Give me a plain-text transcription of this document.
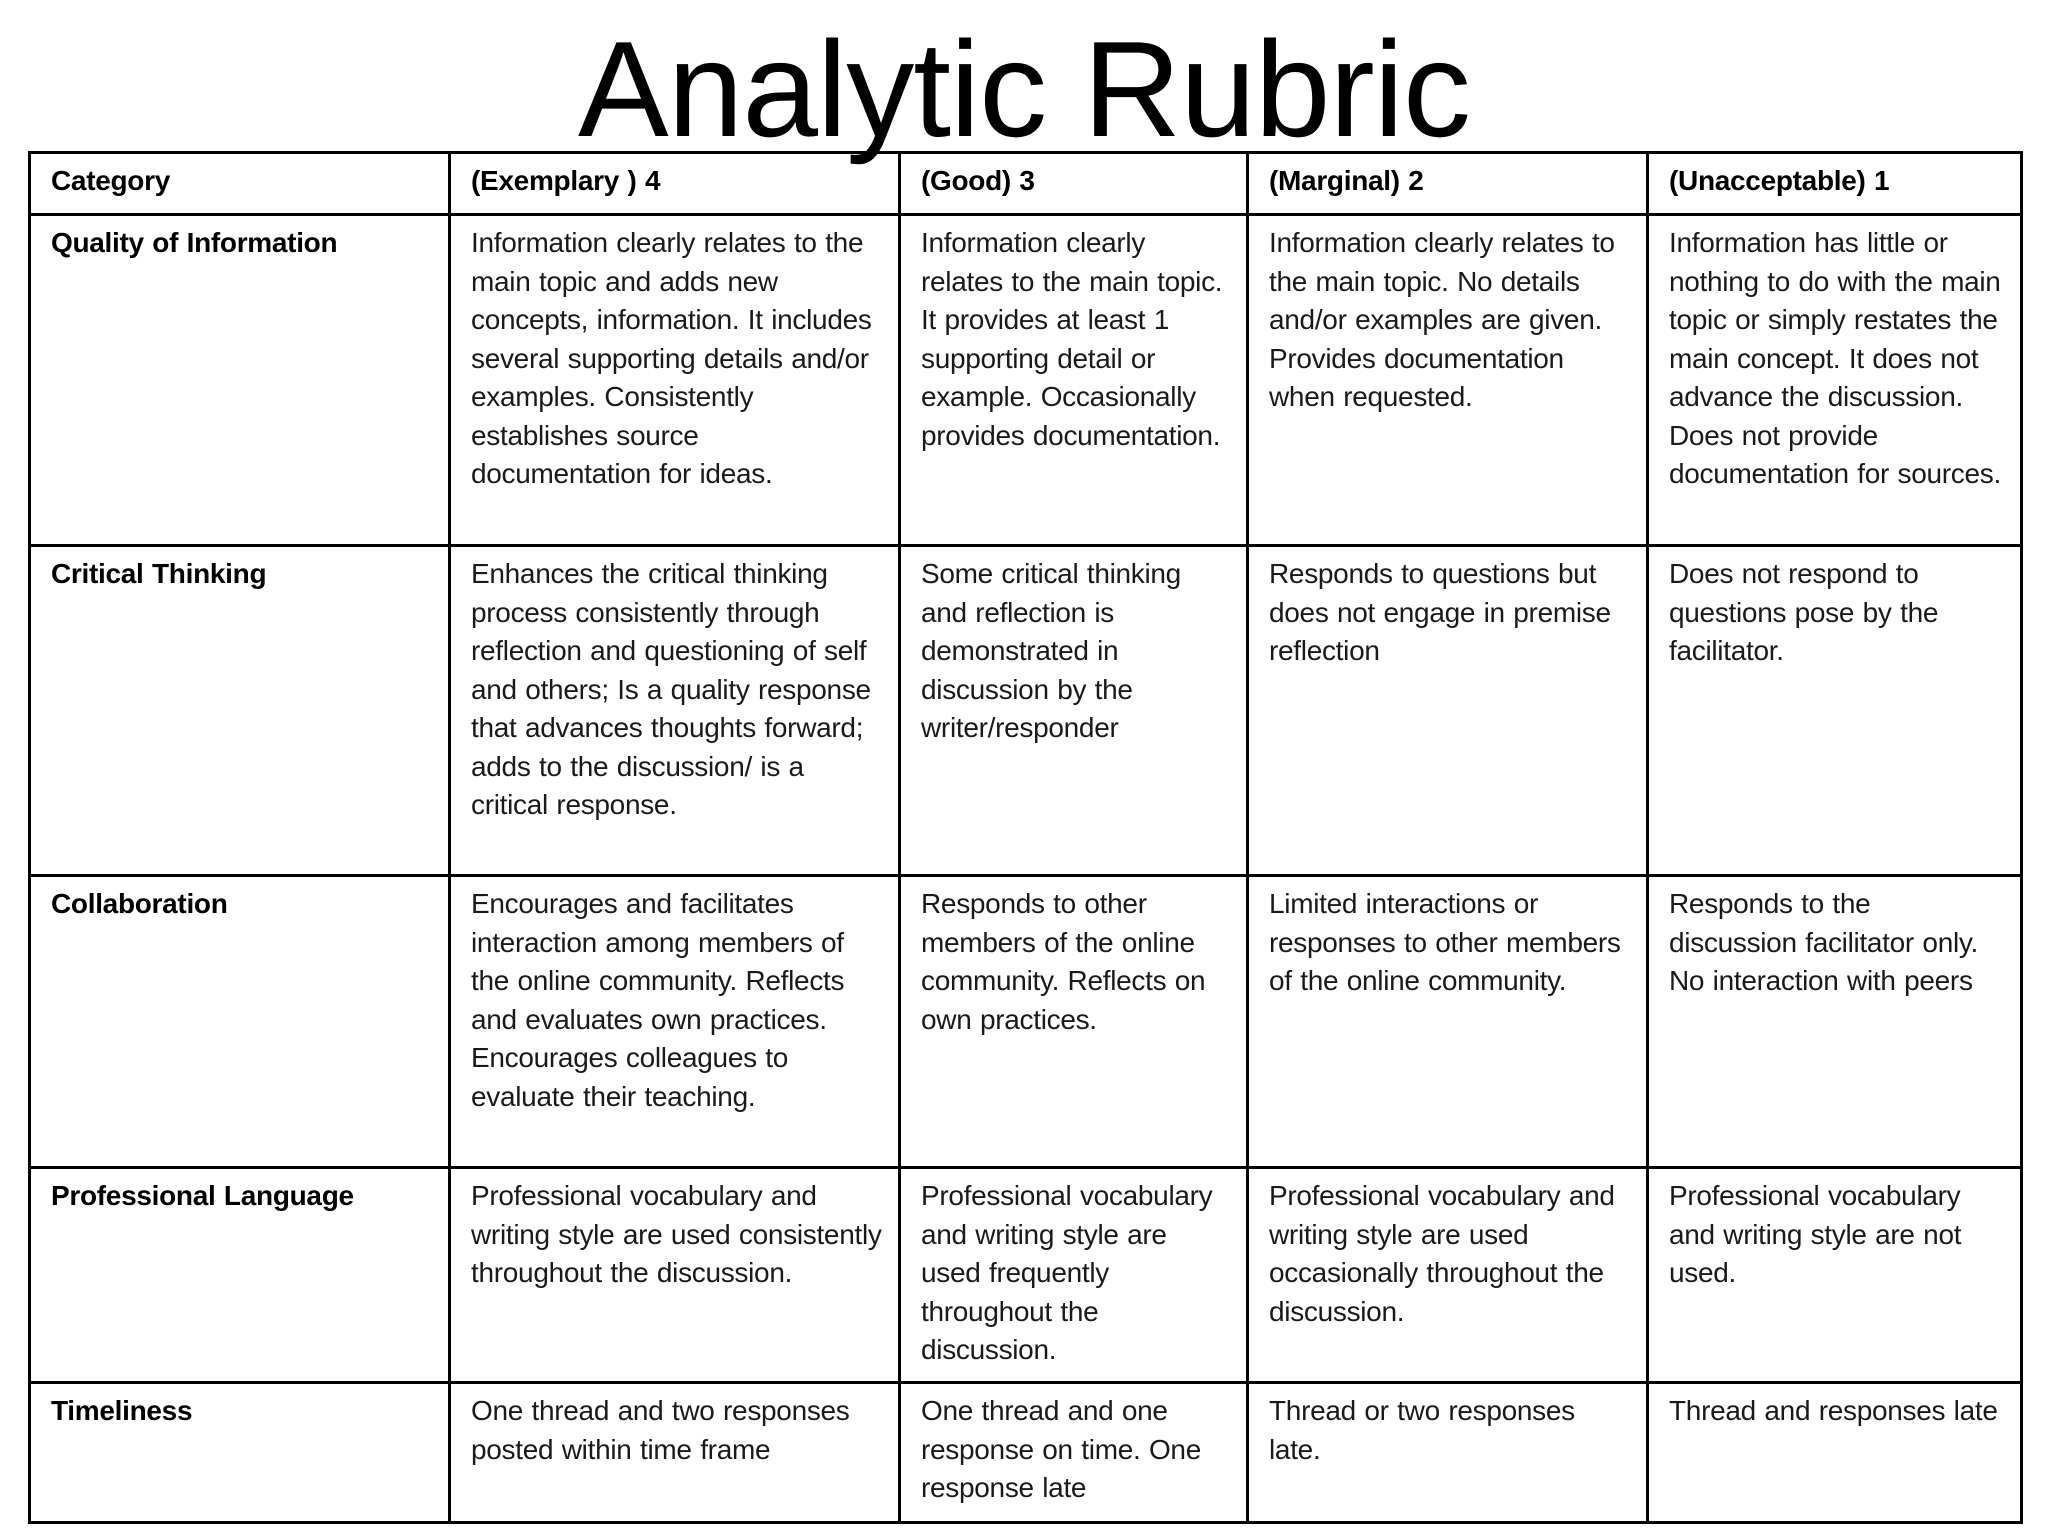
Analytic Rubric
Category	(Exemplary ) 4	(Good) 3	(Marginal) 2	(Unacceptable) 1
Quality of Information	Information clearly relates to the main topic and adds new concepts, information. It includes several supporting details and/or examples. Consistently establishes source documentation for ideas.	Information clearly relates to the main topic. It provides at least 1 supporting detail or example. Occasionally provides documentation.	Information clearly relates to the main topic. No details and/or examples are given. Provides documentation when requested.	Information has little or nothing to do with the main topic or simply restates the main concept. It does not advance the discussion. Does not provide documentation for sources.
Critical Thinking	Enhances the critical thinking process consistently through reflection and questioning of self and others; Is a quality response that advances thoughts forward; adds to the discussion/ is a critical response.	Some critical thinking and reflection is demonstrated in discussion by the writer/responder	Responds to questions but does not engage in premise reflection	Does not respond to questions pose by the facilitator.
Collaboration	Encourages and facilitates interaction among members of the online community. Reflects and evaluates own practices. Encourages colleagues to evaluate their teaching.	Responds to other members of the online community. Reflects on own practices.	Limited interactions or responses to other members of the online community.	Responds to the discussion facilitator only. No interaction with peers
Professional Language	Professional vocabulary and writing style are used consistently throughout the discussion.	Professional vocabulary and writing style are used frequently throughout the discussion.	Professional vocabulary and writing style are used occasionally throughout the discussion.	Professional vocabulary and writing style are not used.
Timeliness	One thread and two responses posted within time frame	One thread and one response on time. One response late	Thread or two responses late.	Thread and responses late
